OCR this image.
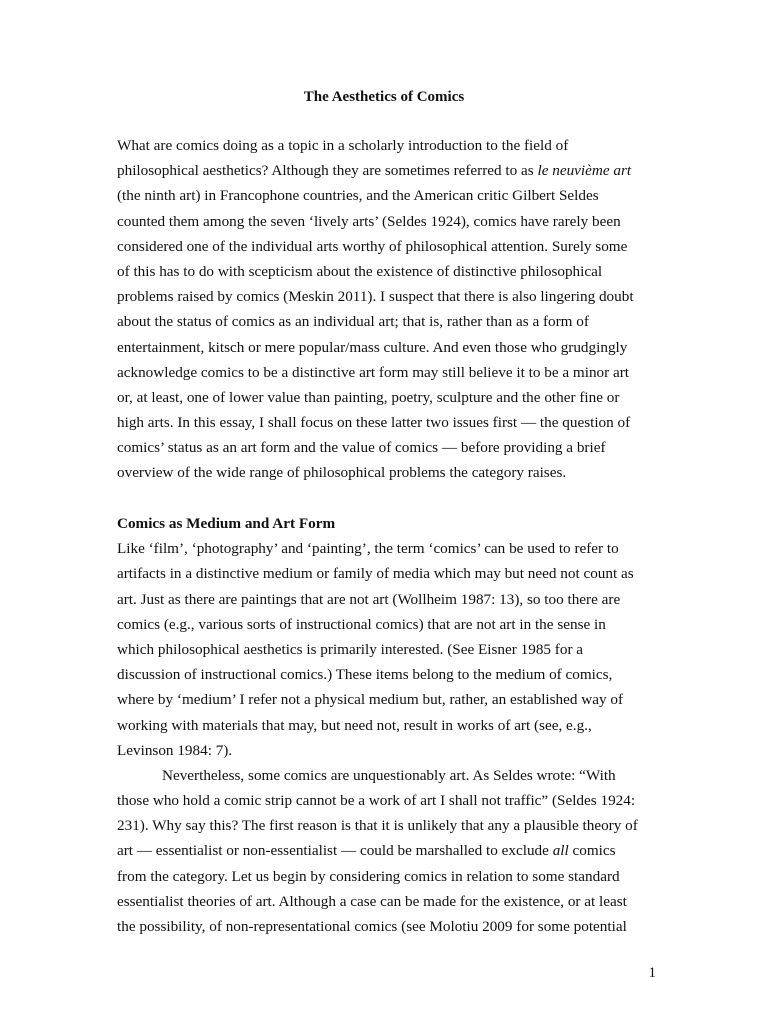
The Aesthetics of Comics
What are comics doing as a topic in a scholarly introduction to the field of
philosophical aesthetics? Although they are sometimes referred to as le neuvième art
(the ninth art) in Francophone countries, and the American critic Gilbert Seldes
counted them among the seven ‘lively arts’ (Seldes 1924), comics have rarely been
considered one of the individual arts worthy of philosophical attention. Surely some
of this has to do with scepticism about the existence of distinctive philosophical
problems raised by comics (Meskin 2011). I suspect that there is also lingering doubt
about the status of comics as an individual art; that is, rather than as a form of
entertainment, kitsch or mere popular/mass culture. And even those who grudgingly
acknowledge comics to be a distinctive art form may still believe it to be a minor art
or, at least, one of lower value than painting, poetry, sculpture and the other fine or
high arts. In this essay, I shall focus on these latter two issues first — the question of
comics’ status as an art form and the value of comics — before providing a brief
overview of the wide range of philosophical problems the category raises.
Comics as Medium and Art Form
Like ‘film’, ‘photography’ and ‘painting’, the term ‘comics’ can be used to refer to
artifacts in a distinctive medium or family of media which may but need not count as
art. Just as there are paintings that are not art (Wollheim 1987: 13), so too there are
comics (e.g., various sorts of instructional comics) that are not art in the sense in
which philosophical aesthetics is primarily interested. (See Eisner 1985 for a
discussion of instructional comics.) These items belong to the medium of comics,
where by ‘medium’ I refer not a physical medium but, rather, an established way of
working with materials that may, but need not, result in works of art (see, e.g.,
Levinson 1984: 7).
Nevertheless, some comics are unquestionably art. As Seldes wrote: “With
those who hold a comic strip cannot be a work of art I shall not traffic” (Seldes 1924:
231). Why say this? The first reason is that it is unlikely that any a plausible theory of
art — essentialist or non-essentialist — could be marshalled to exclude all comics
from the category. Let us begin by considering comics in relation to some standard
essentialist theories of art. Although a case can be made for the existence, or at least
the possibility, of non-representational comics (see Molotiu 2009 for some potential
1
